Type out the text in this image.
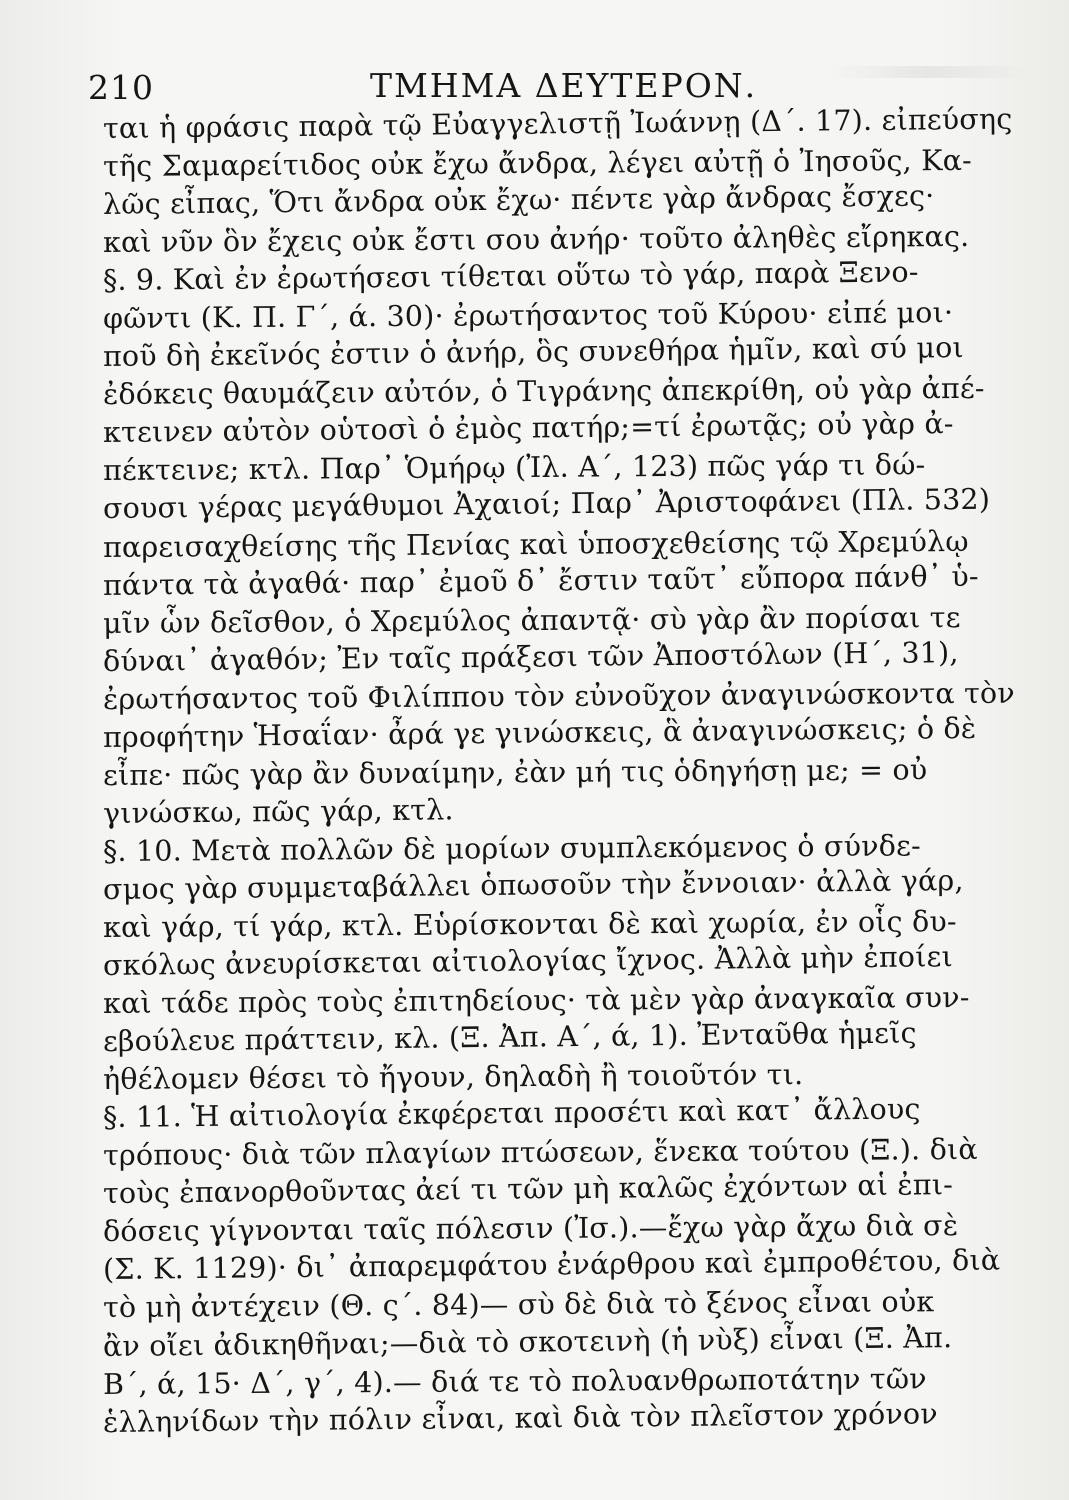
210	ΤΜΗΜΑ ΔΕΥΤΕΡΟΝ.
ται ἡ φράσις παρὰ τῷ Εὐαγγελιστῇ Ἰωάννῃ (Δ΄. 17). εἰπεύσης
τῆς Σαμαρείτιδος οὐκ ἔχω ἄνδρα, λέγει αὐτῇ ὁ Ἰησοῦς, Κα-
λῶς εἶπας, Ὅτι ἄνδρα οὐκ ἔχω· πέντε γὰρ ἄνδρας ἔσχες·
καὶ νῦν ὃν ἔχεις οὐκ ἔστι σου ἀνήρ· τοῦτο ἀληθὲς εἴρηκας.
§. 9. Καὶ ἐν ἐρωτήσεσι τίθεται οὕτω τὸ γάρ, παρὰ Ξενο-
φῶντι (Κ. Π. Γ΄, ά. 30)· ἐρωτήσαντος τοῦ Κύρου· εἰπέ μοι·
ποῦ δὴ ἐκεῖνός ἐστιν ὁ ἀνήρ, ὃς συνεθήρα ἡμῖν, καὶ σύ μοι
ἐδόκεις θαυμάζειν αὐτόν, ὁ Τιγράνης ἀπεκρίθη, οὐ γὰρ ἀπέ-
κτεινεν αὐτὸν οὑτοσὶ ὁ ἐμὸς πατήρ;=τί ἐρωτᾷς; οὐ γὰρ ἀ-
πέκτεινε; κτλ. Παρ᾽ Ὁμήρῳ (Ἰλ. Α΄, 123) πῶς γάρ τι δώ-
σουσι γέρας μεγάθυμοι Ἀχαιοί; Παρ᾽ Ἀριστοφάνει (Πλ. 532)
παρεισαχθείσης τῆς Πενίας καὶ ὑποσχεθείσης τῷ Χρεμύλῳ
πάντα τὰ ἀγαθά· παρ᾽ ἐμοῦ δ᾽ ἔστιν ταῦτ᾽ εὔπορα πάνθ᾽ ὑ-
μῖν ὧν δεῖσθον, ὁ Χρεμύλος ἀπαντᾷ· σὺ γὰρ ἂν πορίσαι τε
δύναι᾽ ἀγαθόν; Ἐν ταῖς πράξεσι τῶν Ἀποστόλων (Η΄, 31),
ἐρωτήσαντος τοῦ Φιλίππου τὸν εὐνοῦχον ἀναγινώσκοντα τὸν
προφήτην Ἡσαΐαν· ἆρά γε γινώσκεις, ἃ ἀναγινώσκεις; ὁ δὲ
εἶπε· πῶς γὰρ ἂν δυναίμην, ἐὰν μή τις ὁδηγήσῃ με; = οὐ
γινώσκω, πῶς γάρ, κτλ.
§. 10. Μετὰ πολλῶν δὲ μορίων συμπλεκόμενος ὁ σύνδε-
σμος γὰρ συμμεταβάλλει ὁπωσοῦν τὴν ἔννοιαν· ἀλλὰ γάρ,
καὶ γάρ, τί γάρ, κτλ. Εὑρίσκονται δὲ καὶ χωρία, ἐν οἷς δυ-
σκόλως ἀνευρίσκεται αἰτιολογίας ἴχνος. Ἀλλὰ μὴν ἐποίει
καὶ τάδε πρὸς τοὺς ἐπιτηδείους· τὰ μὲν γὰρ ἀναγκαῖα συν-
εβούλευε πράττειν, κλ. (Ξ. Ἀπ. Α΄, ά, 1). Ἐνταῦθα ἡμεῖς
ἠθέλομεν θέσει τὸ ἤγουν, δηλαδὴ ἢ τοιοῦτόν τι.
§. 11. Ἡ αἰτιολογία ἐκφέρεται προσέτι καὶ κατ᾽ ἄλλους
τρόπους· διὰ τῶν πλαγίων πτώσεων, ἕνεκα τούτου (Ξ.). διὰ
τοὺς ἐπανορθοῦντας ἀεί τι τῶν μὴ καλῶς ἐχόντων αἱ ἐπι-
δόσεις γίγνονται ταῖς πόλεσιν (Ἰσ.).—ἔχω γὰρ ἄχω διὰ σὲ
(Σ. Κ. 1129)· δι᾽ ἀπαρεμφάτου ἐνάρθρου καὶ ἐμπροθέτου, διὰ
τὸ μὴ ἀντέχειν (Θ. ς΄. 84)— σὺ δὲ διὰ τὸ ξένος εἶναι οὐκ
ἂν οἴει ἀδικηθῆναι;—διὰ τὸ σκοτεινὴ (ἡ νὺξ) εἶναι (Ξ. Ἀπ.
Β΄, ά, 15· Δ΄, γ΄, 4).— διά τε τὸ πολυανθρωποτάτην τῶν
ἑλληνίδων τὴν πόλιν εἶναι, καὶ διὰ τὸν πλεῖστον χρόνον
